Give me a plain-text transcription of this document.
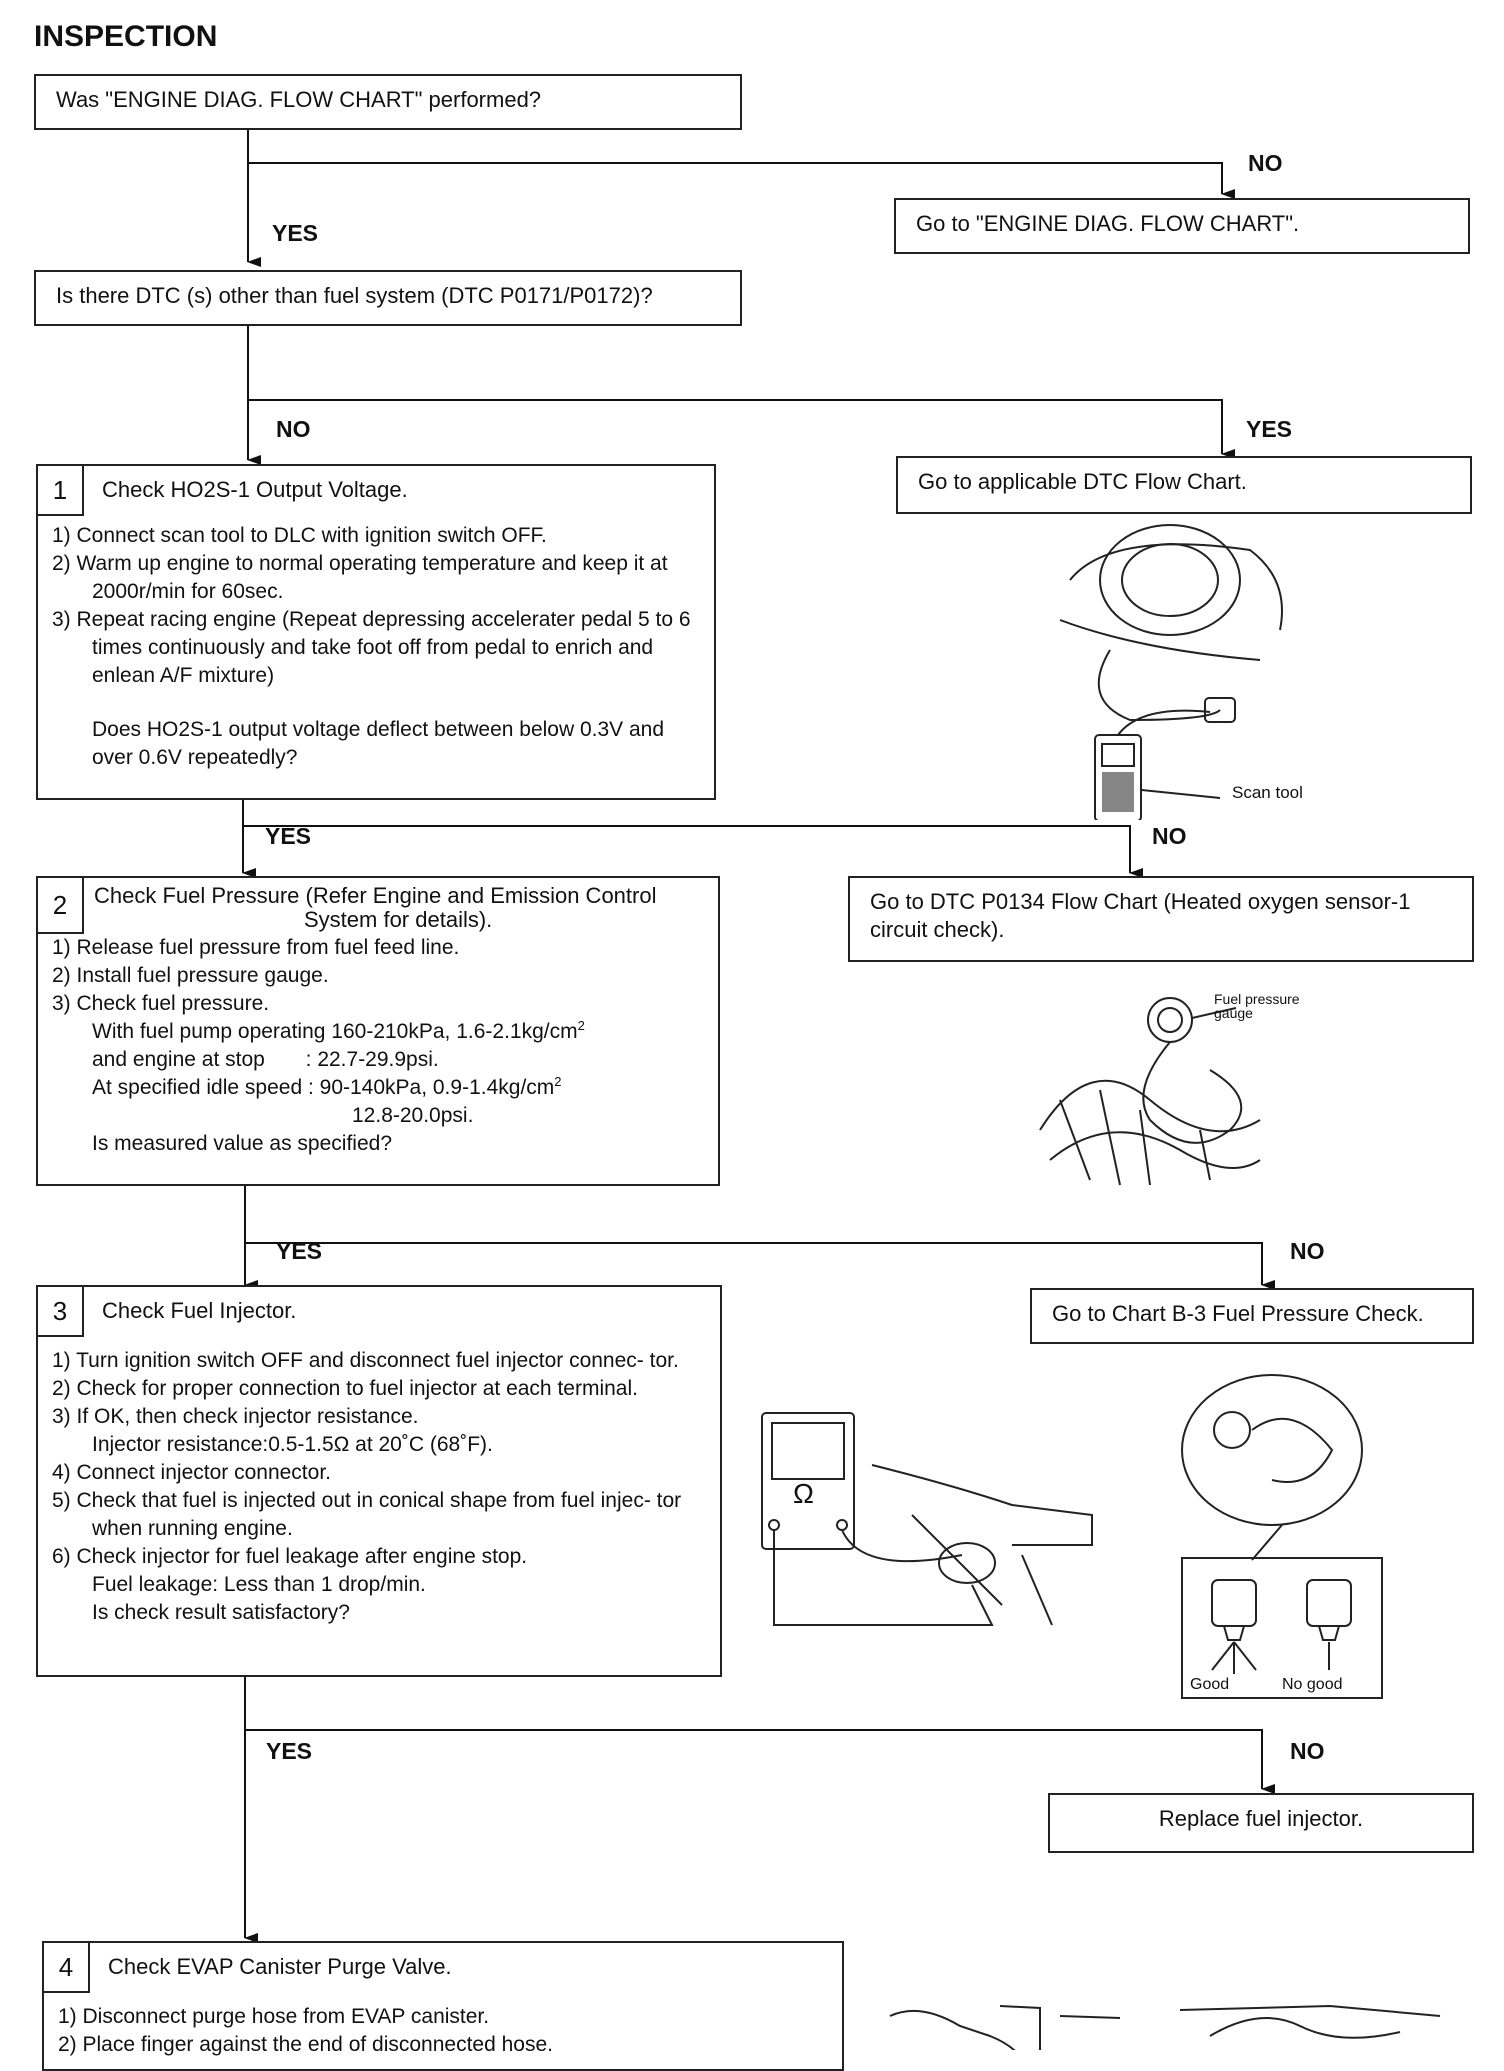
INSPECTION
Was "ENGINE DIAG. FLOW CHART" performed?
NO
Go to "ENGINE DIAG. FLOW CHART".
YES
Is there DTC (s) other than fuel system (DTC P0171/P0172)?
NO	YES
Go to applicable DTC Flow Chart.
1	Check HO2S-1 Output Voltage.
1) Connect scan tool to DLC with ignition switch OFF.
2) Warm up engine to normal operating temperature and keep it at 2000r/min for 60sec.
3) Repeat racing engine (Repeat depressing accelerater pedal 5 to 6 times continuously and take foot off from pedal to enrich and enlean A/F mixture)
Does HO2S-1 output voltage deflect between below 0.3V and over 0.6V repeatedly?
Scan tool
YES	NO
Go to DTC P0134 Flow Chart (Heated oxygen sensor-1 circuit check).
2	Check Fuel Pressure (Refer Engine and Emission Control
System for details).
1) Release fuel pressure from fuel feed line.
2) Install fuel pressure gauge.
3) Check fuel pressure.
With fuel pump operating 160-210kPa, $1.6-2.1kg/cm^2$
and engine at stop       : 22.7-29.9psi.
At specified idle speed : 90-140kPa, $0.9-1.4kg/cm^2$
12.8-20.0psi.
Is measured value as specified?
Fuel pressure
gauge
YES	NO
Go to Chart B-3 Fuel Pressure Check.
3	Check Fuel Injector.
1) Turn ignition switch OFF and disconnect fuel injector connec- tor.
2) Check for proper connection to fuel injector at each terminal.
3) If OK, then check injector resistance.
Injector resistance:0.5-1.5Ω at 20˚C (68˚F).
4) Connect injector connector.
5) Check that fuel is injected out in conical shape from fuel injec- tor when running engine.
6) Check injector for fuel leakage after engine stop.
Fuel leakage: Less than 1 drop/min.
Is check result satisfactory?
Ω
Good	No good
YES	NO
Replace fuel injector.
4	Check EVAP Canister Purge Valve.
1) Disconnect purge hose from EVAP canister.
2) Place finger against the end of disconnected hose.
